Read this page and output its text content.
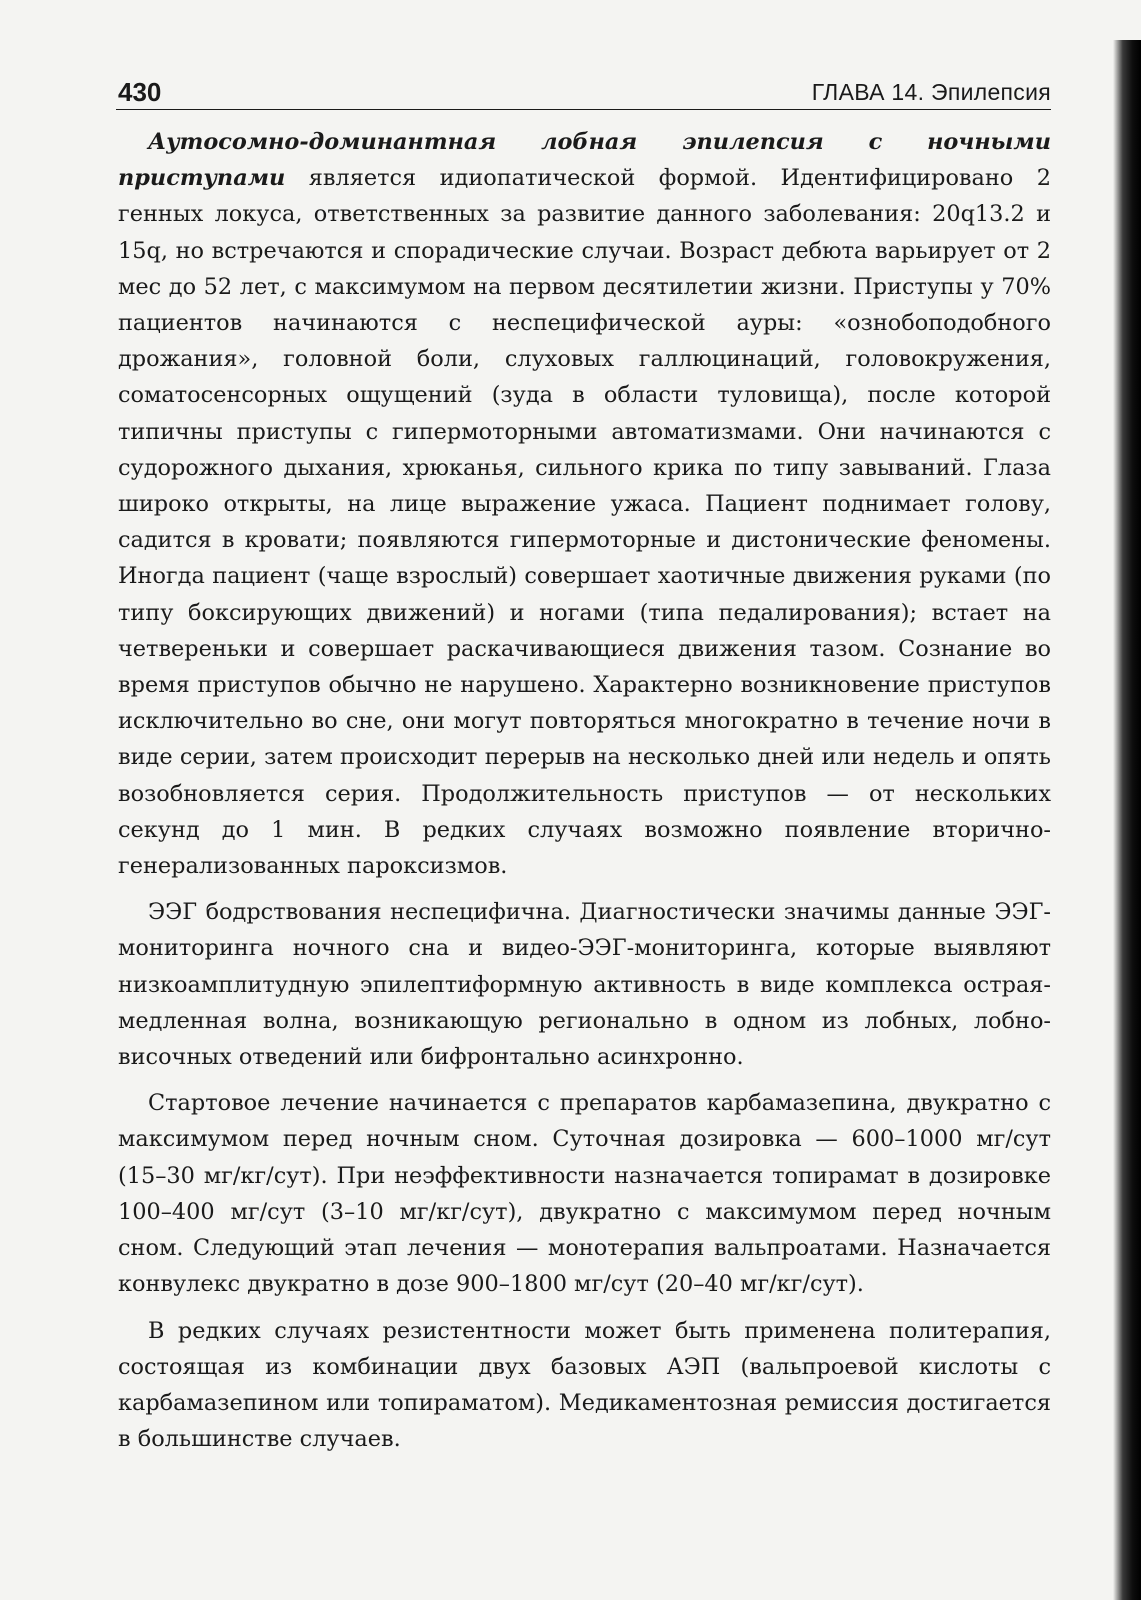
430	ГЛАВА 14. Эпилепсия

Аутосомно-доминантная лобная эпилепсия с ночными приступами является идиопатической формой. Идентифицировано 2 генных локуса, ответственных за развитие данного заболевания: 20q13.2 и 15q, но встречаются и спорадические случаи. Возраст дебюта варьирует от 2 мес до 52 лет, с максимумом на первом десятилетии жизни. Приступы у 70% пациентов начинаются с неспецифической ауры: «ознобоподобного дрожания», головной боли, слуховых галлюцинаций, головокружения, соматосенсорных ощущений (зуда в области туловища), после которой типичны приступы с гипермоторными автоматизмами. Они начинаются с судорожного дыхания, хрюканья, сильного крика по типу завываний. Глаза широко открыты, на лице выражение ужаса. Пациент поднимает голову, садится в кровати; появляются гипермоторные и дистонические феномены. Иногда пациент (чаще взрослый) совершает хаотичные движения руками (по типу боксирующих движений) и ногами (типа педалирования); встает на четвереньки и совершает раскачивающиеся движения тазом. Сознание во время приступов обычно не нарушено. Характерно возникновение приступов исключительно во сне, они могут повторяться многократно в течение ночи в виде серии, затем происходит перерыв на несколько дней или недель и опять возобновляется серия. Продолжительность приступов — от нескольких секунд до 1 мин. В редких случаях возможно появление вторично-генерализованных пароксизмов.

ЭЭГ бодрствования неспецифична. Диагностически значимы данные ЭЭГ-мониторинга ночного сна и видео-ЭЭГ-мониторинга, которые выявляют низкоамплитудную эпилептиформную активность в виде комплекса острая-медленная волна, возникающую регионально в одном из лобных, лобно-височных отведений или бифронтально асинхронно.

Стартовое лечение начинается с препаратов карбамазепина, двукратно с максимумом перед ночным сном. Суточная дозировка — 600–1000 мг/сут (15–30 мг/кг/сут). При неэффективности назначается топирамат в дозировке 100–400 мг/сут (3–10 мг/кг/сут), двукратно с максимумом перед ночным сном. Следующий этап лечения — монотерапия вальпроатами. Назначается конвулекс двукратно в дозе 900–1800 мг/сут (20–40 мг/кг/сут).

В редких случаях резистентности может быть применена политерапия, состоящая из комбинации двух базовых АЭП (вальпроевой кислоты с карбамазепином или топираматом). Медикаментозная ремиссия достигается в большинстве случаев.
